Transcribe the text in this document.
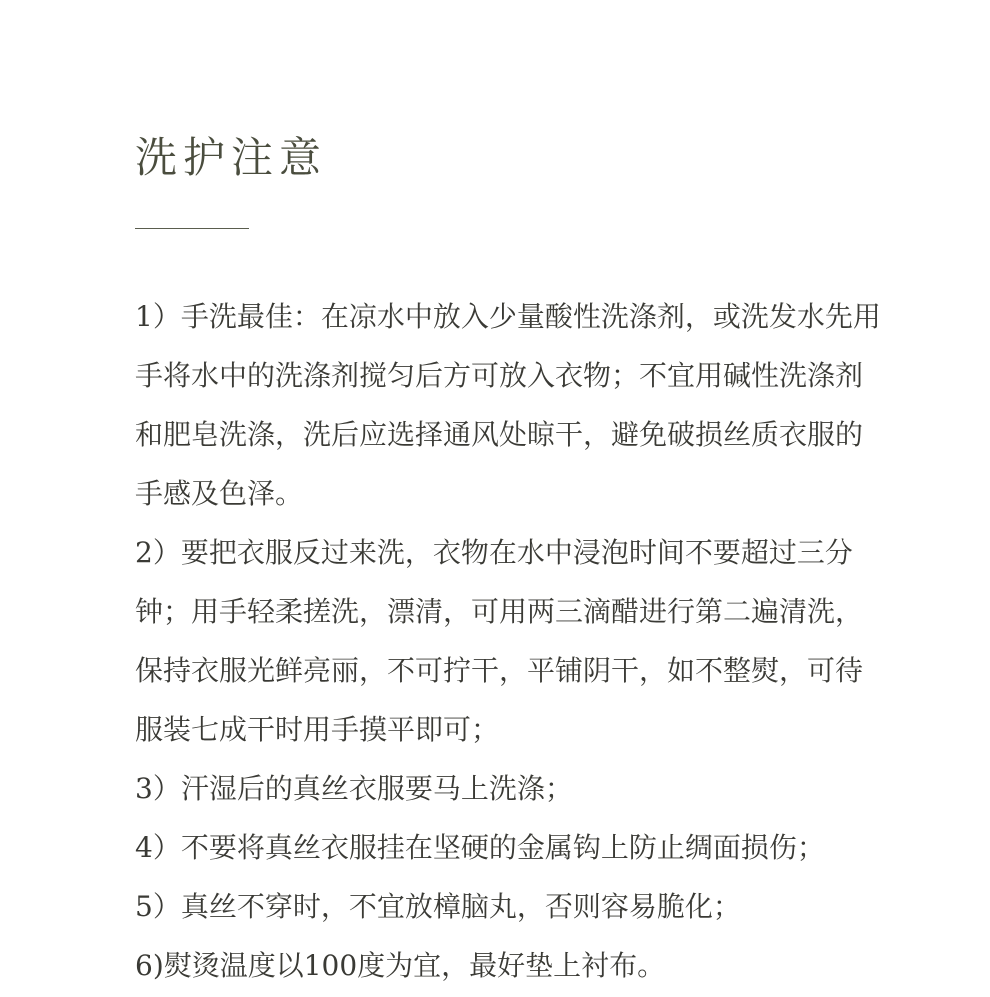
洗护注意
1）手洗最佳：在凉水中放入少量酸性洗涤剂，或洗发水先用
手将水中的洗涤剂搅匀后方可放入衣物；不宜用碱性洗涤剂
和肥皂洗涤，洗后应选择通风处晾干，避免破损丝质衣服的
手感及色泽。
2）要把衣服反过来洗，衣物在水中浸泡时间不要超过三分
钟；用手轻柔搓洗，漂清，可用两三滴醋进行第二遍清洗，
保持衣服光鲜亮丽，不可拧干，平铺阴干，如不整熨，可待
服装七成干时用手摸平即可；
3）汗湿后的真丝衣服要马上洗涤；
4）不要将真丝衣服挂在坚硬的金属钩上防止绸面损伤；
5）真丝不穿时，不宜放樟脑丸，否则容易脆化；
6)熨烫温度以100度为宜，最好垫上衬布。
